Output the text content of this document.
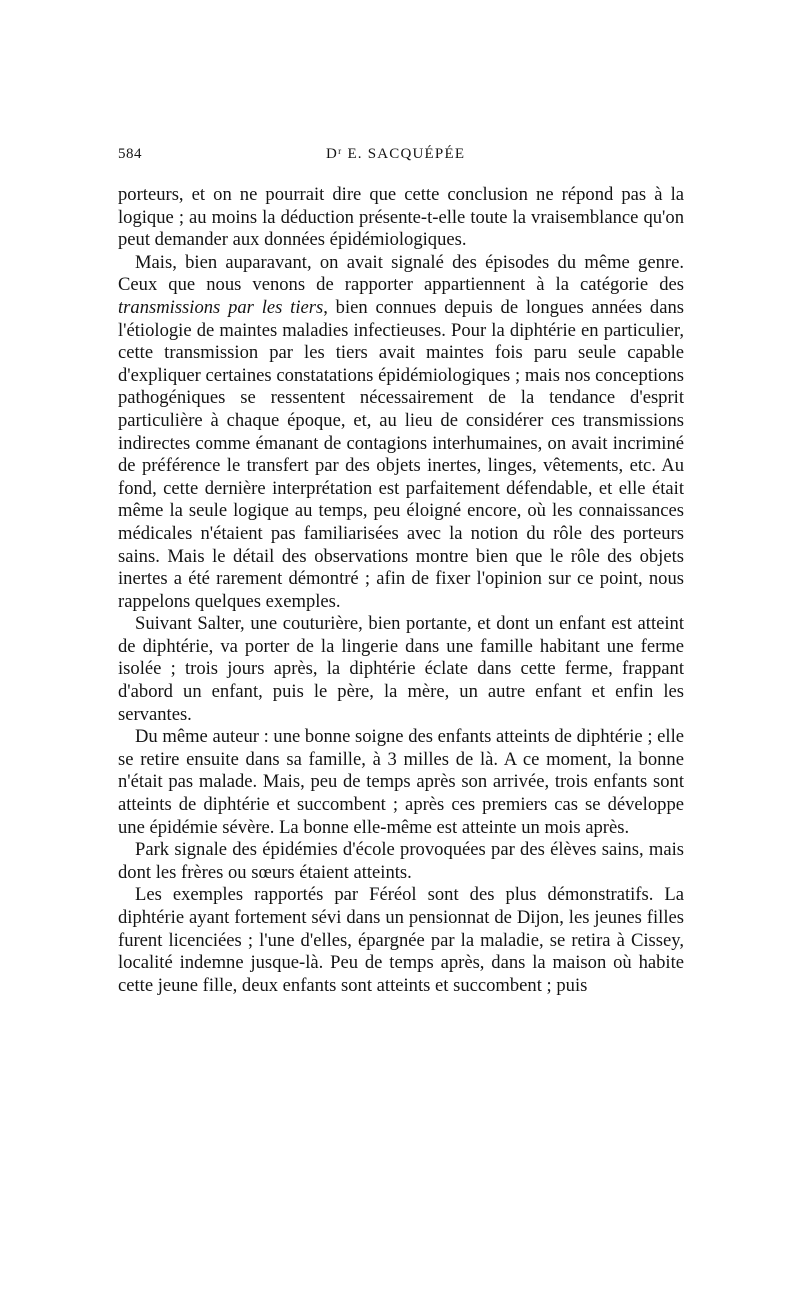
584	Dʳ E. SACQUÉPÉE

porteurs, et on ne pourrait dire que cette conclusion ne répond pas à la logique ; au moins la déduction présente-t-elle toute la vraisemblance qu'on peut demander aux données épidémiologiques.

Mais, bien auparavant, on avait signalé des épisodes du même genre. Ceux que nous venons de rapporter appartiennent à la catégorie des transmissions par les tiers, bien connues depuis de longues années dans l'étiologie de maintes maladies infectieuses. Pour la diphtérie en particulier, cette transmission par les tiers avait maintes fois paru seule capable d'expliquer certaines constatations épidémiologiques ; mais nos conceptions pathogéniques se ressentent nécessairement de la tendance d'esprit particulière à chaque époque, et, au lieu de considérer ces transmissions indirectes comme émanant de contagions interhumaines, on avait incriminé de préférence le transfert par des objets inertes, linges, vêtements, etc. Au fond, cette dernière interprétation est parfaitement défendable, et elle était même la seule logique au temps, peu éloigné encore, où les connaissances médicales n'étaient pas familiarisées avec la notion du rôle des porteurs sains. Mais le détail des observations montre bien que le rôle des objets inertes a été rarement démontré ; afin de fixer l'opinion sur ce point, nous rappelons quelques exemples.

Suivant Salter, une couturière, bien portante, et dont un enfant est atteint de diphtérie, va porter de la lingerie dans une famille habitant une ferme isolée ; trois jours après, la diphtérie éclate dans cette ferme, frappant d'abord un enfant, puis le père, la mère, un autre enfant et enfin les servantes.

Du même auteur : une bonne soigne des enfants atteints de diphtérie ; elle se retire ensuite dans sa famille, à 3 milles de là. A ce moment, la bonne n'était pas malade. Mais, peu de temps après son arrivée, trois enfants sont atteints de diphtérie et succombent ; après ces premiers cas se développe une épidémie sévère. La bonne elle-même est atteinte un mois après.

Park signale des épidémies d'école provoquées par des élèves sains, mais dont les frères ou sœurs étaient atteints.

Les exemples rapportés par Féréol sont des plus démonstratifs. La diphtérie ayant fortement sévi dans un pensionnat de Dijon, les jeunes filles furent licenciées ; l'une d'elles, épargnée par la maladie, se retira à Cissey, localité indemne jusque-là. Peu de temps après, dans la maison où habite cette jeune fille, deux enfants sont atteints et succombent ; puis
